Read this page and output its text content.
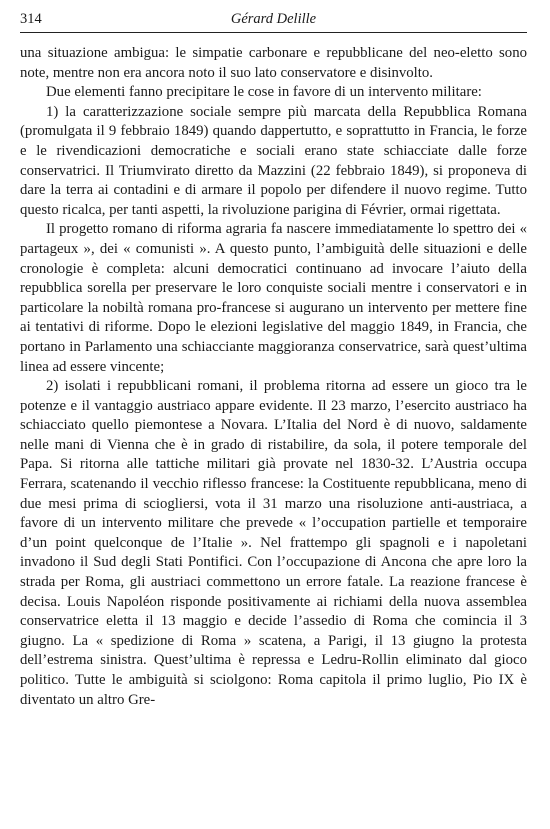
314	Gérard Delille

una situazione ambigua: le simpatie carbonare e repubblicane del neo-eletto sono note, mentre non era ancora noto il suo lato conservatore e disinvolto.

Due elementi fanno precipitare le cose in favore di un intervento militare:

1) la caratterizzazione sociale sempre più marcata della Repubblica Romana (promulgata il 9 febbraio 1849) quando dappertutto, e soprattutto in Francia, le forze e le rivendicazioni democratiche e sociali erano state schiacciate dalle forze conservatrici. Il Triumvirato diretto da Mazzini (22 febbraio 1849), si proponeva di dare la terra ai contadini e di armare il popolo per difendere il nuovo regime. Tutto questo ricalca, per tanti aspetti, la rivoluzione parigina di Février, ormai rigettata.

Il progetto romano di riforma agraria fa nascere immediatamente lo spettro dei « partageux », dei « comunisti ». A questo punto, l’ambiguità delle situazioni e delle cronologie è completa: alcuni democratici continuano ad invocare l’aiuto della repubblica sorella per preservare le loro conquiste sociali mentre i conservatori e in particolare la nobiltà romana pro-francese si augurano un intervento per mettere fine ai tentativi di riforme. Dopo le elezioni legislative del maggio 1849, in Francia, che portano in Parlamento una schiacciante maggioranza conservatrice, sarà quest’ultima linea ad essere vincente;

2) isolati i repubblicani romani, il problema ritorna ad essere un gioco tra le potenze e il vantaggio austriaco appare evidente. Il 23 marzo, l’esercito austriaco ha schiacciato quello piemontese a Novara. L’Italia del Nord è di nuovo, saldamente nelle mani di Vienna che è in grado di ristabilire, da sola, il potere temporale del Papa. Si ritorna alle tattiche militari già provate nel 1830-32. L’Austria occupa Ferrara, scatenando il vecchio riflesso francese: la Costituente repubblicana, meno di due mesi prima di sciogliersi, vota il 31 marzo una risoluzione anti-austriaca, a favore di un intervento militare che prevede « l’occupation partielle et temporaire d’un point quelconque de l’Italie ». Nel frattempo gli spagnoli e i napoletani invadono il Sud degli Stati Pontifici. Con l’occupazione di Ancona che apre loro la strada per Roma, gli austriaci commettono un errore fatale. La reazione francese è decisa. Louis Napoléon risponde positivamente ai richiami della nuova assemblea conservatrice eletta il 13 maggio e decide l’assedio di Roma che comincia il 3 giugno. La « spedizione di Roma » scatena, a Parigi, il 13 giugno la protesta dell’estrema sinistra. Quest’ultima è repressa e Ledru-Rollin eliminato dal gioco politico. Tutte le ambiguità si sciolgono: Roma capitola il primo luglio, Pio IX è diventato un altro Gre-
